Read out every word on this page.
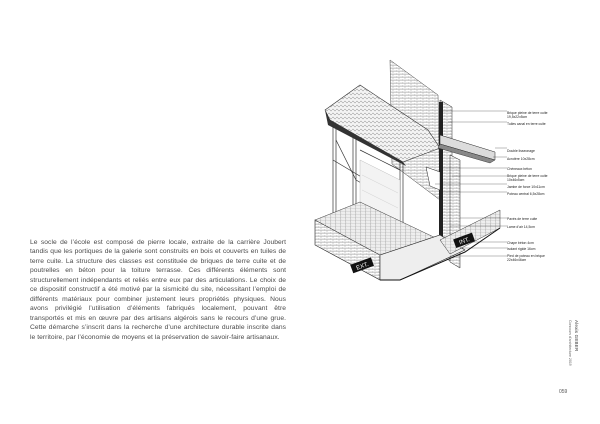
Le socle de l’école est composé de pierre locale, extraite de la carrière Joubert tandis que les portiques de la galerie sont construits en bois et couverts en tuiles de terre cuite. La structure des classes est constituée de briques de terre cuite et de poutrelles en béton pour la toiture terrasse. Ces différents éléments sont structurellement indépendants et reliés entre eux par des articulations. Le choix de ce dispositif constructif a été motivé par la sismicité du site, nécessitant l’emploi de différents matériaux pour combiner justement leurs propriétés physiques. Nous avons privilégié l’utilisation d’éléments fabriqués localement, pouvant être transportés et mis en œuvre par des artisans algérois sans le recours d’une grue. Cette démarche s’inscrit dans la recherche d’une architecture durable inscrite dans le territoire, par l’économie de moyens et la préservation de savoir-faire artisanaux.
EXT.
INT.
Brique pleine de terre cuite
19,5x22x5cm
Tuiles canal en terre cuite
Double lisseonage
Acrotère 10x28cm
Chéneaux béton
Brique pleine de terre cuite
10x46x5cm
Jambe de force 10x11cm
Poteau central 6,5x28cm
Pavés de terre cuite
Lame d’air 14,5cm
Chape béton 4cm
Isolant rigide 16cm
Pied de poteau en brique
22x46x46cm
Alexis GEBER
Concours d’architecture 2019
059
